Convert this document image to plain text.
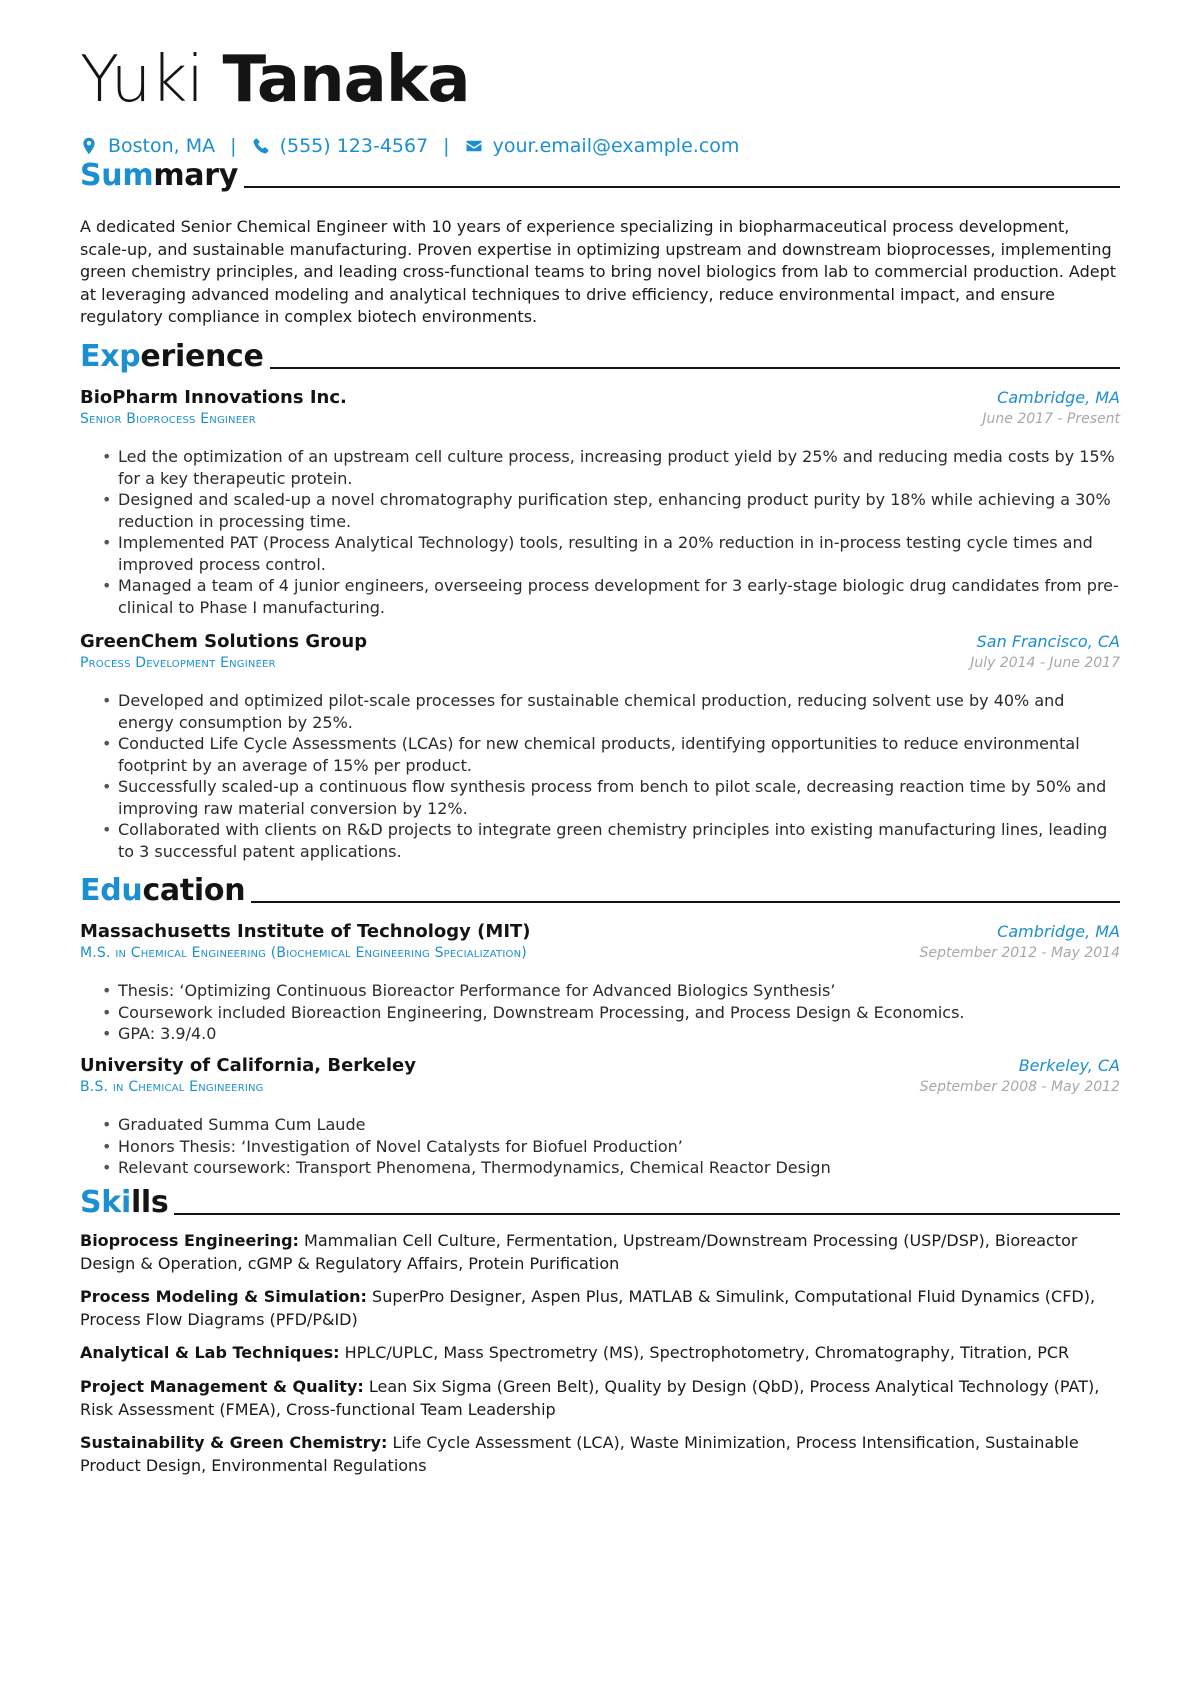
Yuki Tanaka
Boston, MA | (555) 123-4567 | your.email@example.com
Summary
A dedicated Senior Chemical Engineer with 10 years of experience specializing in biopharmaceutical process development, scale-up, and sustainable manufacturing. Proven expertise in optimizing upstream and downstream bioprocesses, implementing green chemistry principles, and leading cross-functional teams to bring novel biologics from lab to commercial production. Adept at leveraging advanced modeling and analytical techniques to drive efficiency, reduce environmental impact, and ensure regulatory compliance in complex biotech environments.
Experience
BioPharm Innovations Inc.	Cambridge, MA
Senior Bioprocess Engineer	June 2017 - Present
• Led the optimization of an upstream cell culture process, increasing product yield by 25% and reducing media costs by 15% for a key therapeutic protein.
• Designed and scaled-up a novel chromatography purification step, enhancing product purity by 18% while achieving a 30% reduction in processing time.
• Implemented PAT (Process Analytical Technology) tools, resulting in a 20% reduction in in-process testing cycle times and improved process control.
• Managed a team of 4 junior engineers, overseeing process development for 3 early-stage biologic drug candidates from pre-clinical to Phase I manufacturing.
GreenChem Solutions Group	San Francisco, CA
Process Development Engineer	July 2014 - June 2017
• Developed and optimized pilot-scale processes for sustainable chemical production, reducing solvent use by 40% and energy consumption by 25%.
• Conducted Life Cycle Assessments (LCAs) for new chemical products, identifying opportunities to reduce environmental footprint by an average of 15% per product.
• Successfully scaled-up a continuous flow synthesis process from bench to pilot scale, decreasing reaction time by 50% and improving raw material conversion by 12%.
• Collaborated with clients on R&D projects to integrate green chemistry principles into existing manufacturing lines, leading to 3 successful patent applications.
Education
Massachusetts Institute of Technology (MIT)	Cambridge, MA
M.S. in Chemical Engineering (Biochemical Engineering Specialization)	September 2012 - May 2014
• Thesis: ‘Optimizing Continuous Bioreactor Performance for Advanced Biologics Synthesis’
• Coursework included Bioreaction Engineering, Downstream Processing, and Process Design & Economics.
• GPA: 3.9/4.0
University of California, Berkeley	Berkeley, CA
B.S. in Chemical Engineering	September 2008 - May 2012
• Graduated Summa Cum Laude
• Honors Thesis: ‘Investigation of Novel Catalysts for Biofuel Production’
• Relevant coursework: Transport Phenomena, Thermodynamics, Chemical Reactor Design
Skills
Bioprocess Engineering: Mammalian Cell Culture, Fermentation, Upstream/Downstream Processing (USP/DSP), Bioreactor Design & Operation, cGMP & Regulatory Affairs, Protein Purification
Process Modeling & Simulation: SuperPro Designer, Aspen Plus, MATLAB & Simulink, Computational Fluid Dynamics (CFD), Process Flow Diagrams (PFD/P&ID)
Analytical & Lab Techniques: HPLC/UPLC, Mass Spectrometry (MS), Spectrophotometry, Chromatography, Titration, PCR
Project Management & Quality: Lean Six Sigma (Green Belt), Quality by Design (QbD), Process Analytical Technology (PAT), Risk Assessment (FMEA), Cross-functional Team Leadership
Sustainability & Green Chemistry: Life Cycle Assessment (LCA), Waste Minimization, Process Intensification, Sustainable Product Design, Environmental Regulations
